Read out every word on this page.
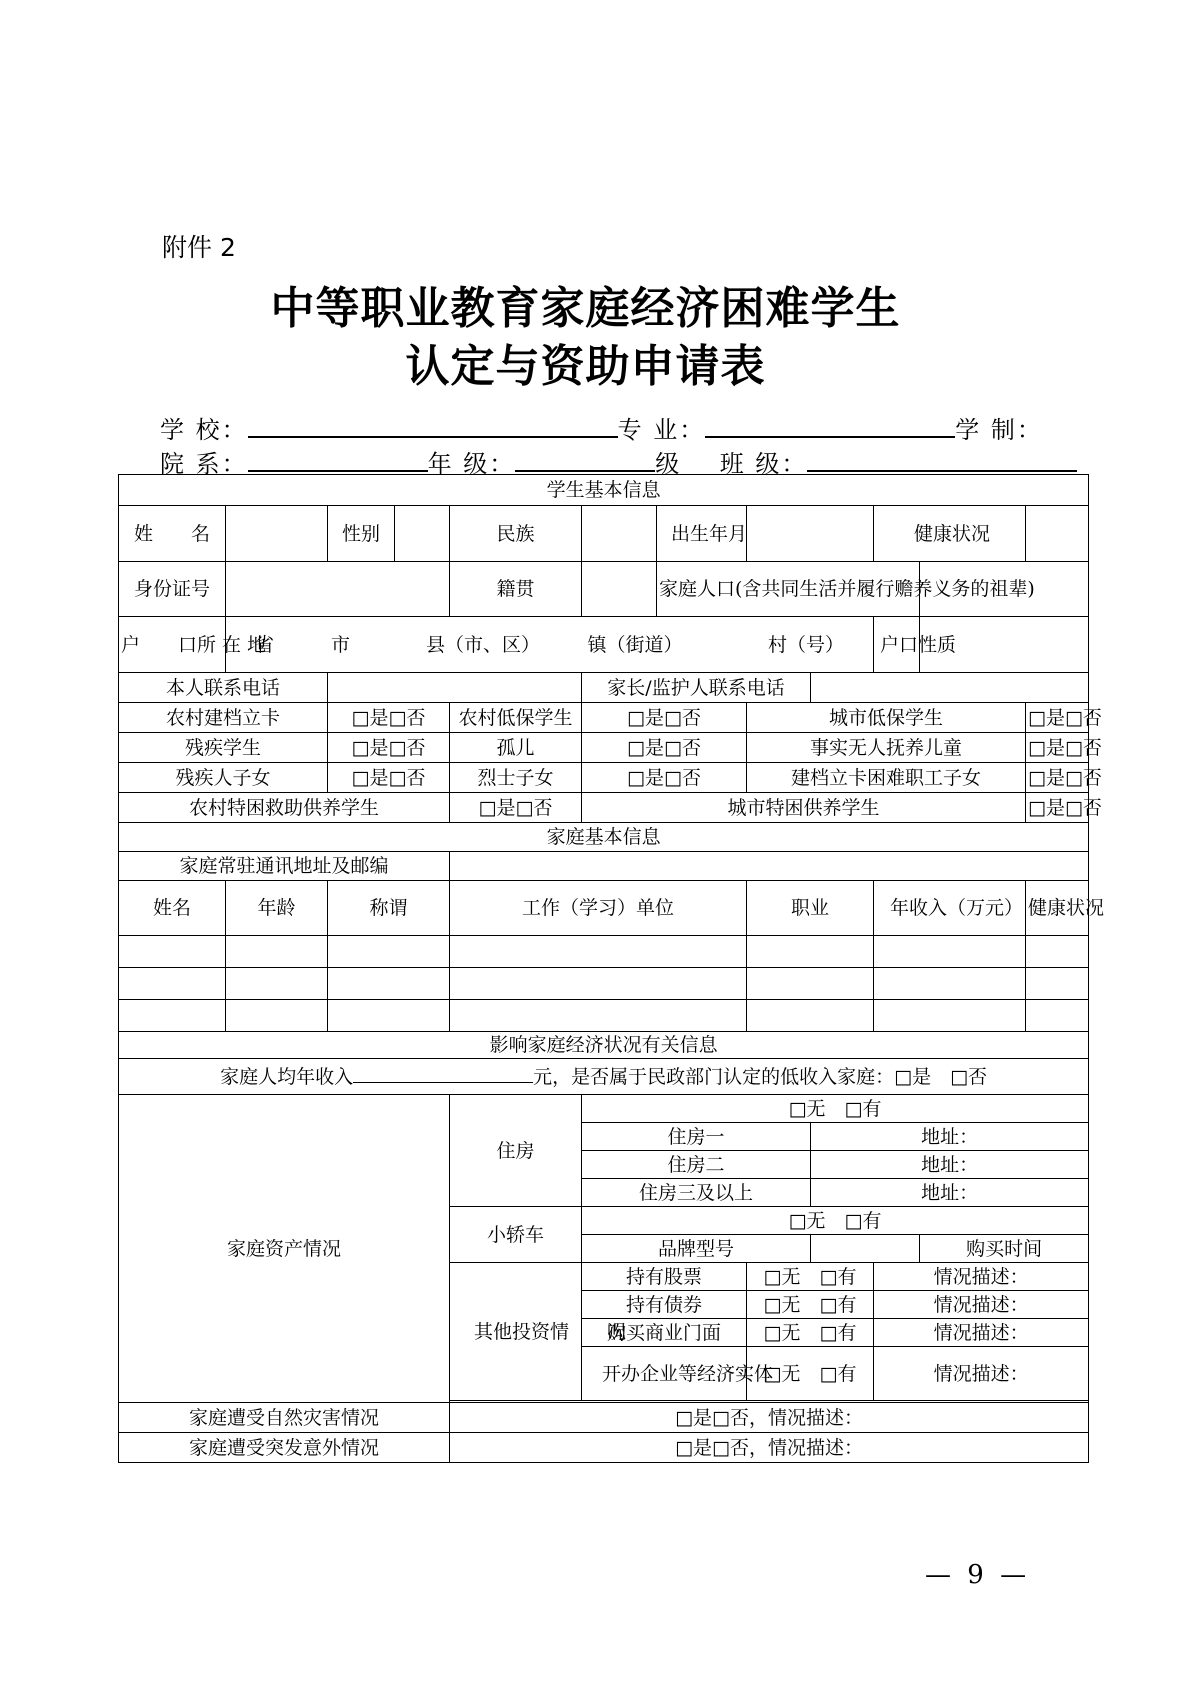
附件 2
中等职业教育家庭经济困难学生
认定与资助申请表
学 校：	专 业：	学 制：
院 系：	年 级：	级 班 级：
学生基本信息												
姓　　名		性别		民族		出生年月			健康状况			
身份证号				籍贯		家庭人口(含共同生活并履行赡养义务的祖辈)						
户　　口所 在 地	省　　　市　　　　县（市、区）　　　镇（街道）　　　　　村（号）								户口性质			
本人联系电话					家长/监护人联系电话							
农村建档立卡		□是□否		农村低保学生	□是□否		城市低保学生				□是□否	
残疾学生		□是□否		孤儿	□是□否		事实无人抚养儿童				□是□否	
残疾人子女		□是□否		烈士子女	□是□否		建档立卡困难职工子女				□是□否	
农村特困救助供养学生				□是□否	城市特困供养学生						□是□否	
家庭基本信息												
家庭常驻通讯地址及邮编												
姓名	年龄	称谓		工作（学习）单位			职业		年收入（万元）		健康状况	

影响家庭经济状况有关信息												
家庭人均年收入 元，是否属于民政部门认定的低收入家庭：□是　□否												
家庭资产情况				住房	□无　□有							
					住房一			地址：				
					住房二			地址：				
					住房三及以上			地址：				
				小轿车	□无　□有							
					品牌型号					购买时间		
				其他投资情　　况	持有股票		□无　□有		情况描述：			
					持有债券		□无　□有		情况描述：			
					购买商业门面		□无　□有		情况描述：			
					开办企业等经济实体		□无　□有		情况描述：			

家庭遭受自然灾害情况				□是□否，情况描述：								
家庭遭受突发意外情况				□是□否，情况描述：								
— 9 —
